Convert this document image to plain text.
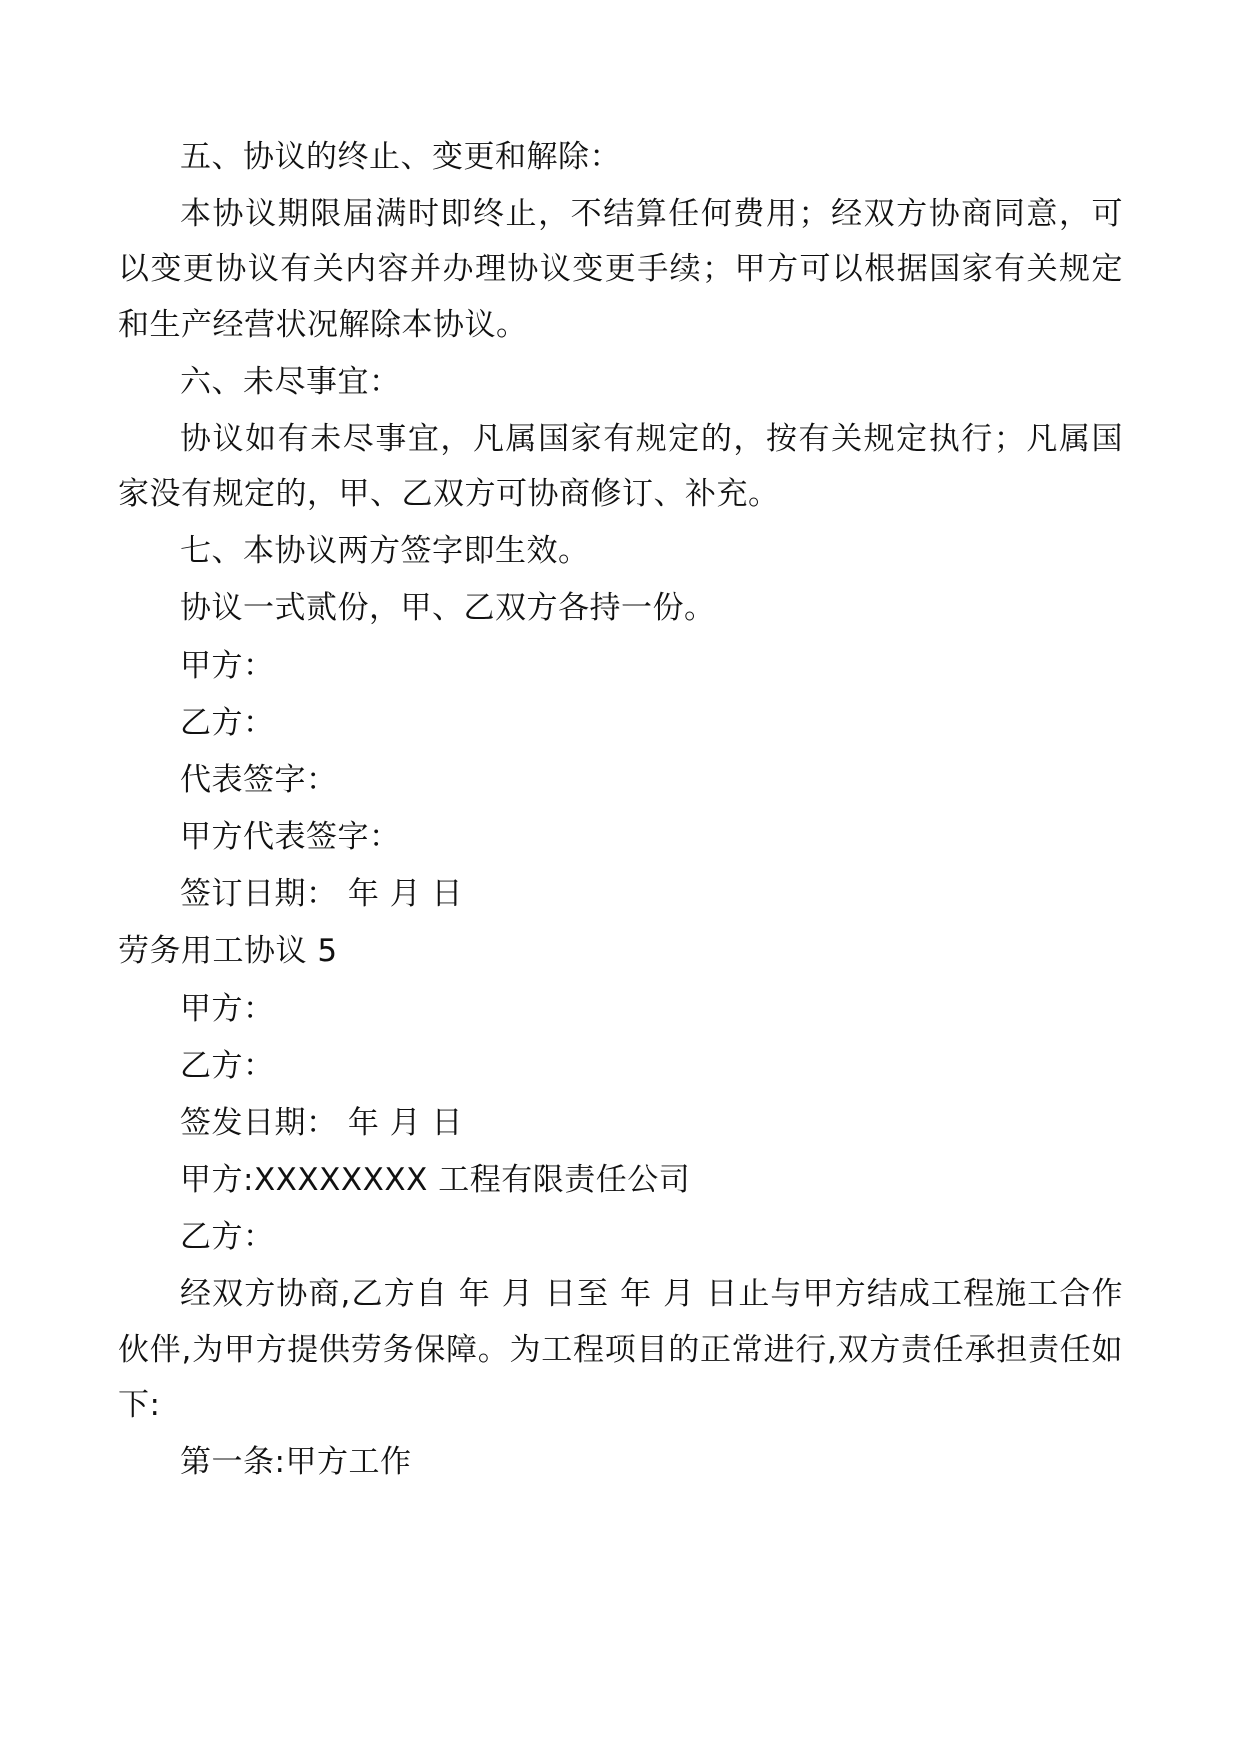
五、协议的终止、变更和解除：

本协议期限届满时即终止，不结算任何费用；经双方协商同意，可以变更协议有关内容并办理协议变更手续；甲方可以根据国家有关规定和生产经营状况解除本协议。

六、未尽事宜：

协议如有未尽事宜，凡属国家有规定的，按有关规定执行；凡属国家没有规定的，甲、乙双方可协商修订、补充。

七、本协议两方签字即生效。

协议一式贰份，甲、乙双方各持一份。

甲方：

乙方：

代表签字：

甲方代表签字：

签订日期： 年 月 日

劳务用工协议 5

甲方：

乙方：

签发日期： 年 月 日

甲方:XXXXXXXX 工程有限责任公司

乙方：

经双方协商,乙方自 年 月 日至 年 月 日止与甲方结成工程施工合作伙伴,为甲方提供劳务保障。为工程项目的正常进行,双方责任承担责任如下:

第一条:甲方工作
